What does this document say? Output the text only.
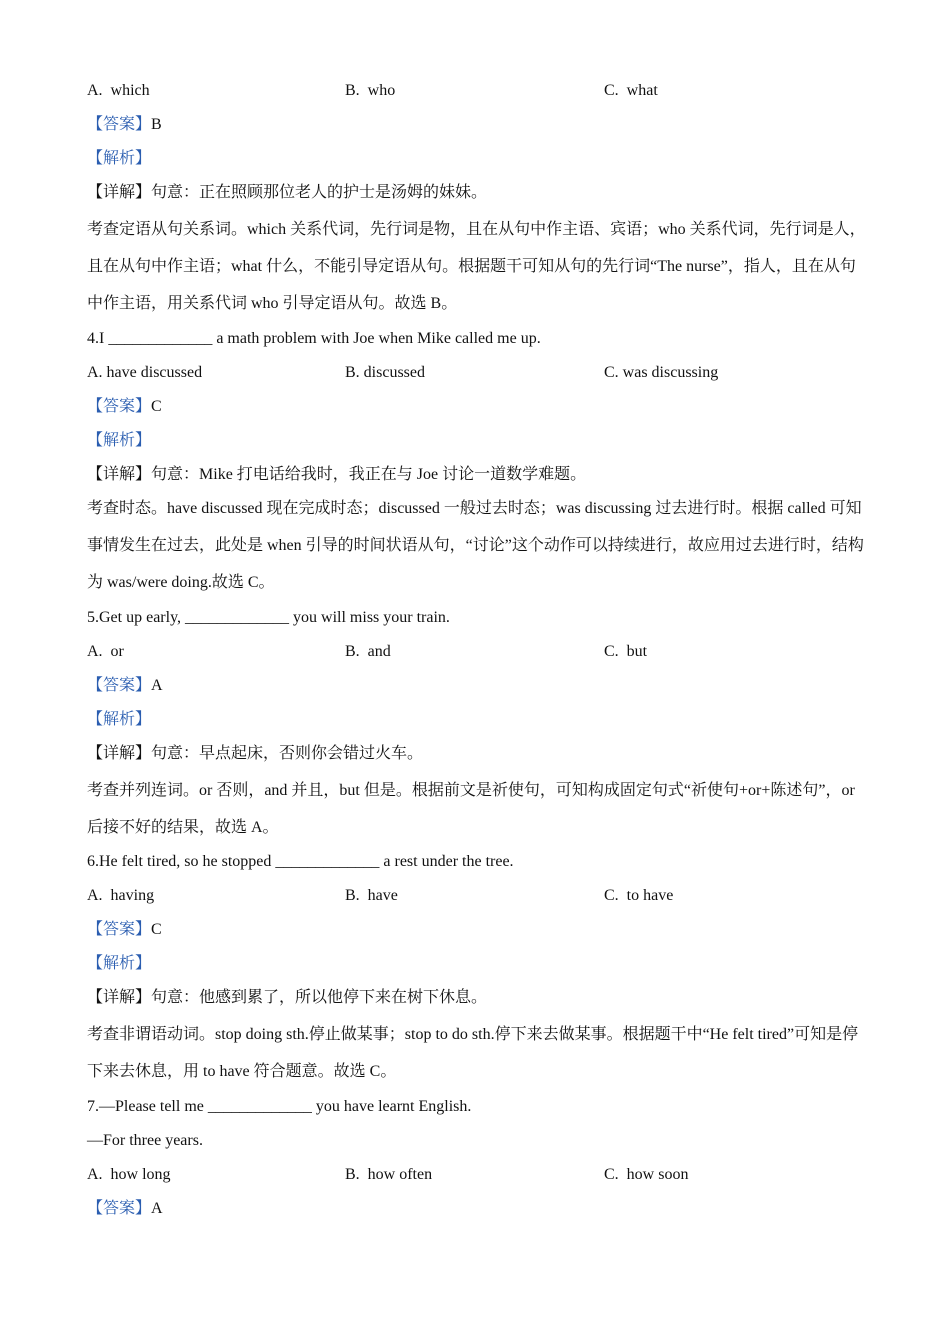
A.  which	B.  who	C.  what
【答案】B
【解析】
【详解】句意：正在照顾那位老人的护士是汤姆的妹妹。
考查定语从句关系词。which 关系代词，先行词是物，且在从句中作主语、宾语；who 关系代词，先行词是人，且在从句中作主语；what 什么，不能引导定语从句。根据题干可知从句的先行词“The nurse”，指人，且在从句中作主语，用关系代词 who 引导定语从句。故选 B。
4.I _____________ a math problem with Joe when Mike called me up.
A. have discussed	B. discussed	C. was discussing
【答案】C
【解析】
【详解】句意：Mike 打电话给我时，我正在与 Joe 讨论一道数学难题。
考查时态。have discussed 现在完成时态；discussed 一般过去时态；was discussing 过去进行时。根据 called 可知事情发生在过去，此处是 when 引导的时间状语从句，“讨论”这个动作可以持续进行，故应用过去进行时，结构为 was/were doing.故选 C。
5.Get up early, _____________ you will miss your train.
A.  or	B.  and	C.  but
【答案】A
【解析】
【详解】句意：早点起床，否则你会错过火车。
考查并列连词。or 否则，and 并且，but 但是。根据前文是祈使句，可知构成固定句式“祈使句+or+陈述句”，or 后接不好的结果，故选 A。
6.He felt tired, so he stopped _____________ a rest under the tree.
A.  having	B.  have	C.  to have
【答案】C
【解析】
【详解】句意：他感到累了，所以他停下来在树下休息。
考查非谓语动词。stop doing sth.停止做某事；stop to do sth.停下来去做某事。根据题干中“He felt tired”可知是停下来去休息，用 to have 符合题意。故选 C。
7.—Please tell me _____________ you have learnt English.
—For three years.
A.  how long	B.  how often	C.  how soon
【答案】A
